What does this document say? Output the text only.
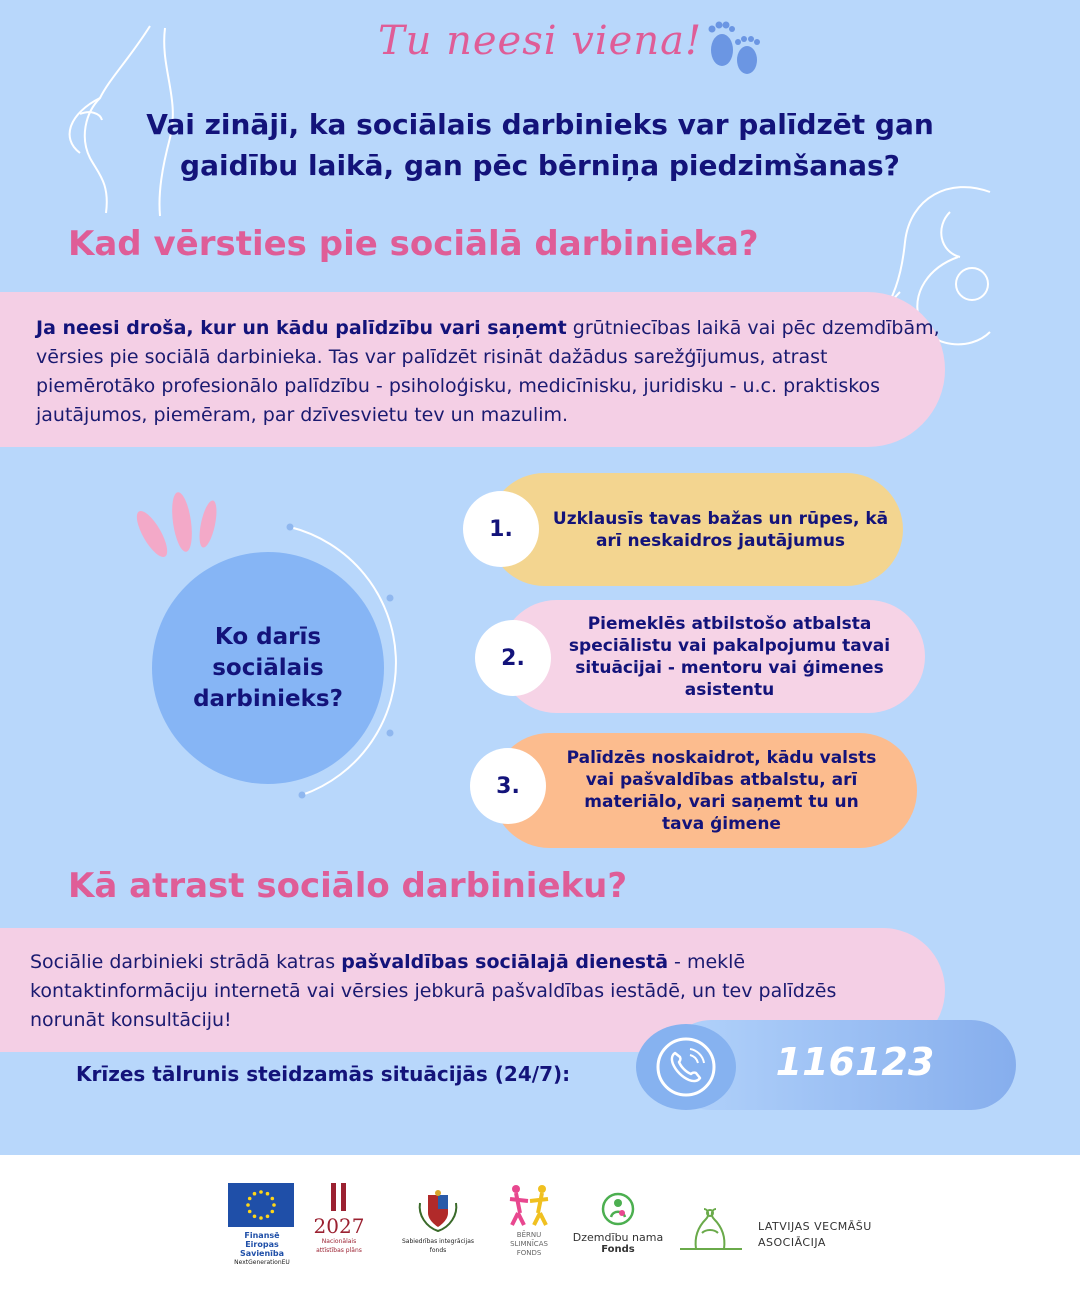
Tu neesi viena!
Vai zināji, ka sociālais darbinieks var palīdzēt gan
gaidību laikā, gan pēc bērniņa piedzimšanas?
Kad vērsties pie sociālā darbinieka?
Ja neesi droša, kur un kādu palīdzību vari saņemt grūtniecības laikā vai pēc dzemdībām, vērsies pie sociālā darbinieka. Tas var palīdzēt risināt dažādus sarežģījumus, atrast piemērotāko profesionālo palīdzību - psiholoģisku, medicīnisku, juridisku - u.c. praktiskos jautājumos, piemēram, par dzīvesvietu tev un mazulim.
Ko darīs sociālais darbinieks?
Uzklausīs tavas bažas un rūpes, kā arī neskaidros jautājumus
1.
Piemeklēs atbilstošo atbalsta speciālistu vai pakalpojumu tavai situācijai - mentoru vai ģimenes asistentu
2.
Palīdzēs noskaidrot, kādu valsts vai pašvaldības atbalstu, arī materiālo, vari saņemt tu un tava ģimene
3.
Kā atrast sociālo darbinieku?
Sociālie darbinieki strādā katras pašvaldības sociālajā dienestā - meklē kontaktinformāciju internetā vai vērsies jebkurā pašvaldības iestādē, un tev palīdzēs norunāt konsultāciju!
Krīzes tālrunis steidzamās situācijās (24/7):	116123
Finansē
Eiropas Savienība
NextGenerationEU
2027
Nacionālais attīstības plāns
Sabiedrības integrācijas fonds
BĒRNU SLIMNĪCAS FONDS
Dzemdību nama
Fonds
LATVIJAS VECMĀŠU
ASOCIĀCIJA
